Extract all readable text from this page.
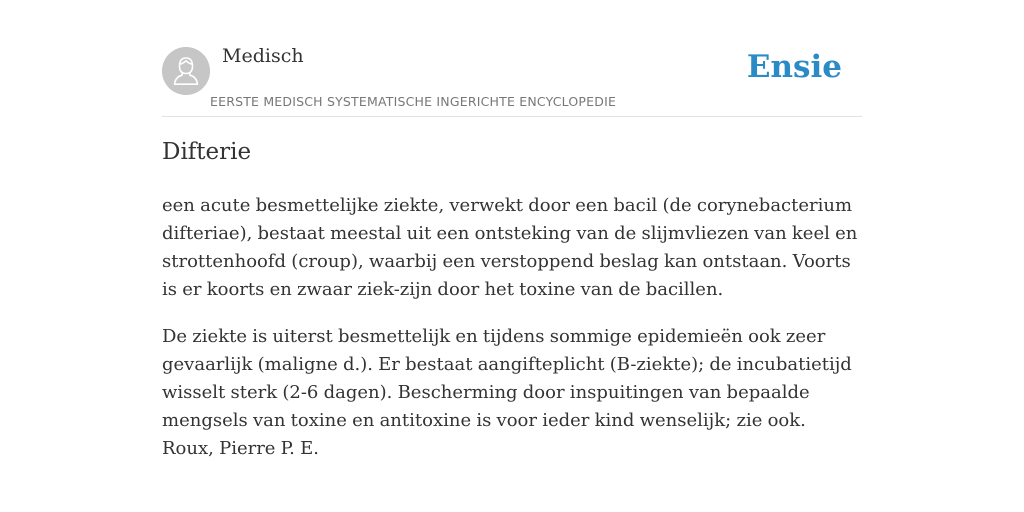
Medisch
EERSTE MEDISCH SYSTEMATISCHE INGERICHTE ENCYCLOPEDIE
Ensie
Difterie

een acute besmettelijke ziekte, verwekt door een bacil (de corynebacterium difteriae), bestaat meestal uit een ontsteking van de slijmvliezen van keel en strottenhoofd (croup), waarbij een verstoppend beslag kan ontstaan. Voorts is er koorts en zwaar ziek-zijn door het toxine van de bacillen.

De ziekte is uiterst besmettelijk en tijdens sommige epidemieën ook zeer gevaarlijk (maligne d.). Er bestaat aangifteplicht (B-ziekte); de incubatietijd wisselt sterk (2-6 dagen). Bescherming door inspuitingen van bepaalde mengsels van toxine en antitoxine is voor ieder kind wenselijk; zie ook. Roux, Pierre P. E.
